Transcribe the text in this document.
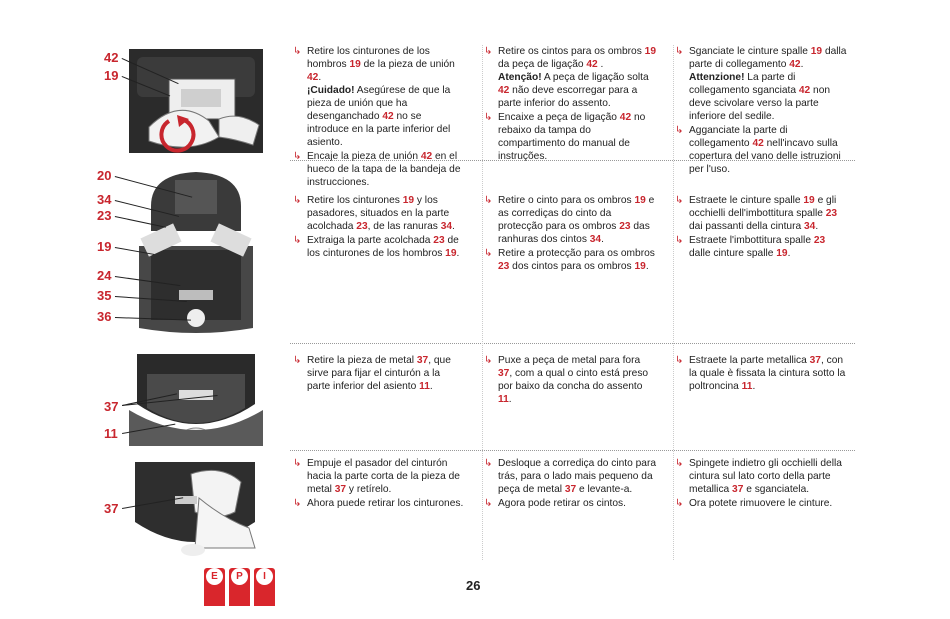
42
19
20
34
23
19
24
35
36
37
11
37
↳ Retire los cinturones de los hombros 19 de la pieza de unión 42.
¡Cuidado! Asegúrese de que la pieza de unión que ha desenganchado 42 no se introduce en la parte inferior del asiento.
↳ Encaje la pieza de unión 42 en el hueco de la tapa de la bandeja de instrucciones.
↳ Retire los cinturones 19 y los pasadores, situados en la parte acolchada 23, de las ranuras 34.
↳ Extraiga la parte acolchada 23 de los cinturones de los hombros 19.
↳ Retire la pieza de metal 37, que sirve para fijar el cinturón a la parte inferior del asiento 11.
↳ Empuje el pasador del cinturón hacia la parte corta de la pieza de metal 37 y retírelo.
↳ Ahora puede retirar los cinturones.
↳ Retire os cintos para os ombros 19 da peça de ligação 42 .
Atenção! A peça de ligação solta 42 não deve escorregar para a parte inferior do assento.
↳ Encaixe a peça de ligação 42 no rebaixo da tampa do compartimento do manual de instruções.
↳ Retire o cinto para os ombros 19 e as corrediças do cinto da protecção para os ombros 23 das ranhuras dos cintos 34.
↳ Retire a protecção para os ombros 23 dos cintos para os ombros 19.
↳ Puxe a peça de metal para fora 37, com a qual o cinto está preso por baixo da concha do assento 11.
↳ Desloque a corrediça do cinto para trás, para o lado mais pequeno da peça de metal 37 e levante-a.
↳ Agora pode retirar os cintos.
↳ Sganciate le cinture spalle 19 dalla parte di collegamento 42.
Attenzione! La parte di collegamento sganciata 42 non deve scivolare verso la parte inferiore del sedile.
↳ Agganciate la parte di collegamento 42 nell'incavo sulla copertura del vano delle istruzioni per l'uso.
↳ Estraete le cinture spalle 19 e gli occhielli dell'imbottitura spalle 23 dai passanti della cintura 34.
↳ Estraete l'imbottitura spalle 23 dalle cinture spalle 19.
↳ Estraete la parte metallica 37, con la quale è fissata la cintura sotto la poltroncina 11.
↳ Spingete indietro gli occhielli della cintura sul lato corto della parte metallica 37 e sganciatela.
↳ Ora potete rimuovere le cinture.
E	P	I
26
